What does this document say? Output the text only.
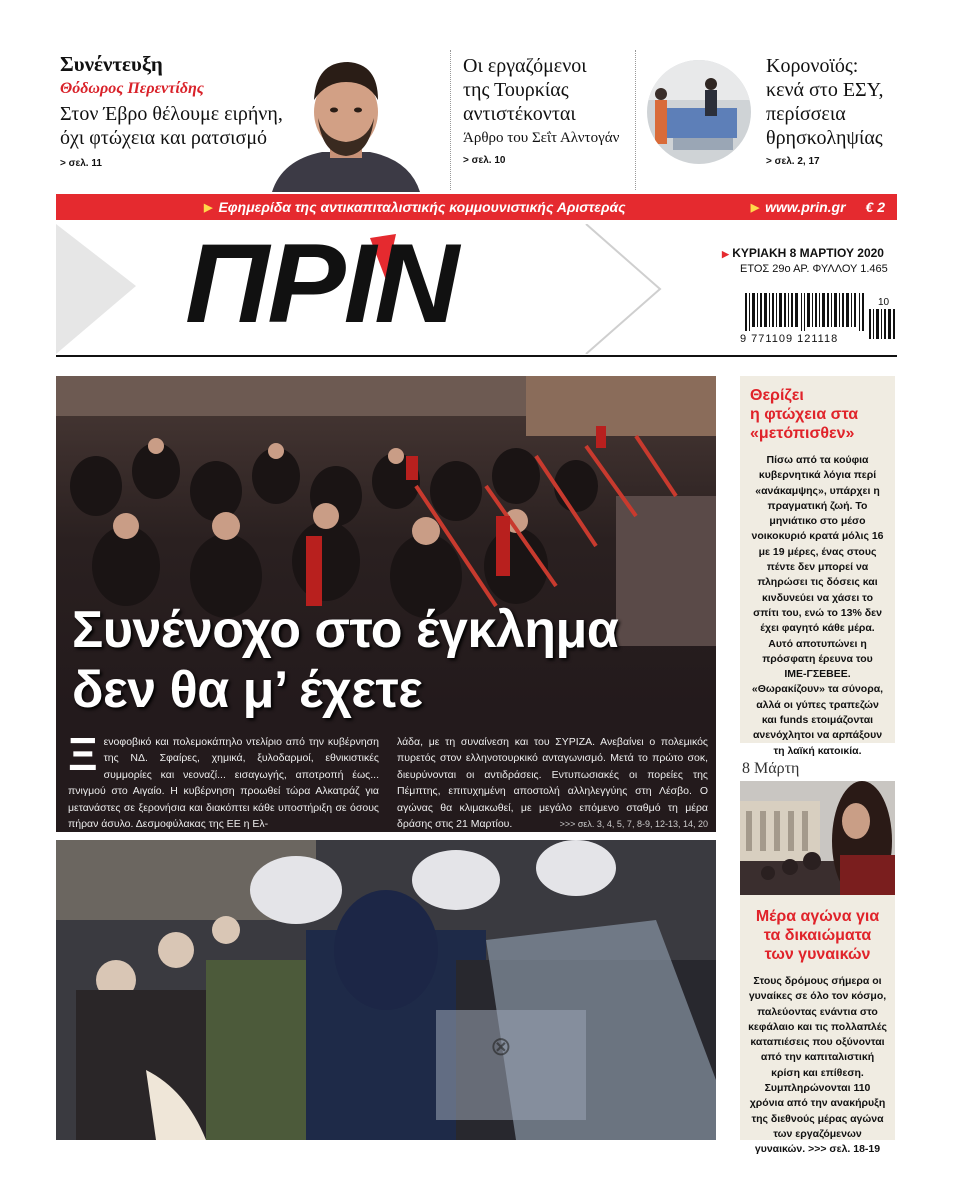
Συνέντευξη
Θόδωρος Περεντίδης
Στον Έβρο θέλουμε ειρήνη,
όχι φτώχεια και ρατσισμό
> σελ. 11
Οι εργαζόμενοι
της Τουρκίας
αντιστέκονται
Άρθρο του Σεΐτ Αλντογάν
> σελ. 10
Κορονοϊός:
κενά στο ΕΣΥ,
περίσσεια
θρησκοληψίας
> σελ. 2, 17
▶ Εφημερίδα της αντικαπιταλιστικής κομμουνιστικής Αριστεράς	▶ www.prin.gr € 2
ΠΡΙΝ	▶ ΚΥΡΙΑΚΗ 8 ΜΑΡΤΙΟΥ 2020
ΕΤΟΣ 29ο ΑΡ. ΦΥΛΛΟΥ 1.465
10
9 771109 121118
Συνένοχο στο έγκλημα
δεν θα μ’ έχετε
Ξ ενοφοβικό και πολεμοκάπηλο ντελίριο από την κυβέρνηση της ΝΔ. Σφαίρες, χημικά, ξυλοδαρμοί, εθνικιστικές συμμορίες και νεοναζί... εισαγωγής, αποτροπή έως... πνιγμού στο Αιγαίο. Η κυβέρνηση προωθεί τώρα Αλκατράζ για μετανάστες σε ξερονήσια και διακόπτει κάθε υποστήριξη σε όσους πήραν άσυλο. Δεσμοφύλακας της ΕΕ η Ελ-
λάδα, με τη συναίνεση και του ΣΥΡΙΖΑ. Ανεβαίνει ο πολεμικός πυρετός στον ελληνοτουρκικό ανταγωνισμό. Μετά το πρώτο σοκ, διευρύνονται οι αντιδράσεις. Εντυπωσιακές οι πορείες της Πέμπτης, επιτυχημένη αποστολή αλληλεγγύης στη Λέσβο. Ο αγώνας θα κλιμακωθεί, με μεγάλο επόμενο σταθμό τη μέρα δράσης στις 21 Μαρτίου.	>>> σελ. 3, 4, 5, 7, 8-9, 12-13, 14, 20
⊗
Θερίζει
η φτώχεια στα
«μετόπισθεν»
Πίσω από τα κούφια κυβερνητικά λόγια περί «ανάκαμψης», υπάρχει η πραγματική ζωή. Το μηνιάτικο στο μέσο νοικοκυριό κρατά μόλις 16 με 19 μέρες, ένας στους πέντε δεν μπορεί να πληρώσει τις δόσεις και κινδυνεύει να χάσει το σπίτι του, ενώ το 13% δεν έχει φαγητό κάθε μέρα. Αυτό αποτυπώνει η πρόσφατη έρευνα του ΙΜΕ-ΓΣΕΒΕΕ. «Θωρακίζουν» τα σύνορα, αλλά οι γύπες τραπεζών και funds ετοιμάζονται ανενόχλητοι να αρπάξουν τη λαϊκή κατοικία.
8 Μάρτη
Μέρα αγώνα για
τα δικαιώματα
των γυναικών
Στους δρόμους σήμερα οι γυναίκες σε όλο τον κόσμο, παλεύοντας ενάντια στο κεφάλαιο και τις πολλαπλές καταπιέσεις που οξύνονται από την καπιταλιστική κρίση και επίθεση. Συμπληρώνονται 110 χρόνια από την ανακήρυξη της διεθνούς μέρας αγώνα των εργαζόμενων γυναικών. >>> σελ. 18-19
